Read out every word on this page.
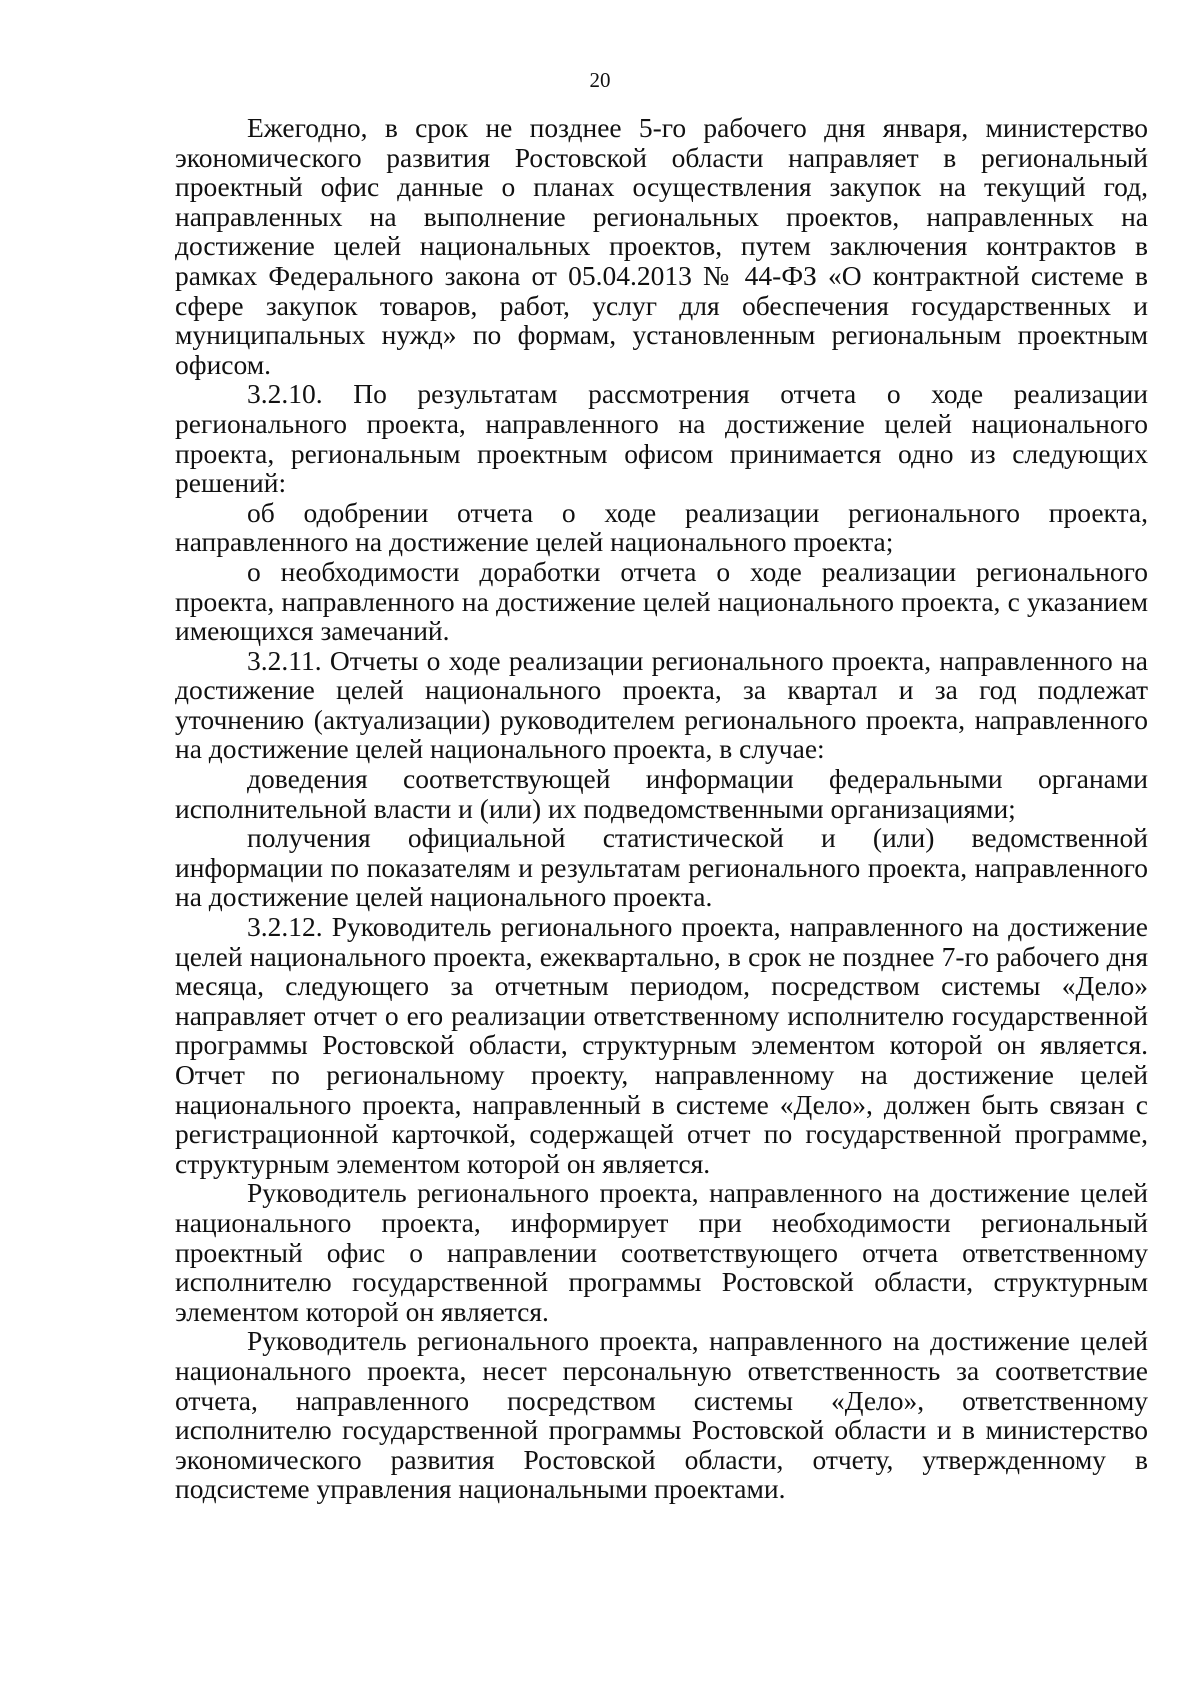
20

Ежегодно, в срок не позднее 5-го рабочего дня января, министерство экономического развития Ростовской области направляет в региональный проектный офис данные о планах осуществления закупок на текущий год, направленных на выполнение региональных проектов, направленных на достижение целей национальных проектов, путем заключения контрактов в рамках Федерального закона от 05.04.2013 № 44-ФЗ «О контрактной системе в сфере закупок товаров, работ, услуг для обеспечения государственных и муниципальных нужд» по формам, установленным региональным проектным офисом.

3.2.10. По результатам рассмотрения отчета о ходе реализации регионального проекта, направленного на достижение целей национального проекта, региональным проектным офисом принимается одно из следующих решений:

об одобрении отчета о ходе реализации регионального проекта, направленного на достижение целей национального проекта;

о необходимости доработки отчета о ходе реализации регионального проекта, направленного на достижение целей национального проекта, с указанием имеющихся замечаний.

3.2.11. Отчеты о ходе реализации регионального проекта, направленного на достижение целей национального проекта, за квартал и за год подлежат уточнению (актуализации) руководителем регионального проекта, направленного на достижение целей национального проекта, в случае:

доведения соответствующей информации федеральными органами исполнительной власти и (или) их подведомственными организациями;

получения официальной статистической и (или) ведомственной информации по показателям и результатам регионального проекта, направленного на достижение целей национального проекта.

3.2.12. Руководитель регионального проекта, направленного на достижение целей национального проекта, ежеквартально, в срок не позднее 7-го рабочего дня месяца, следующего за отчетным периодом, посредством системы «Дело» направляет отчет о его реализации ответственному исполнителю государственной программы Ростовской области, структурным элементом которой он является. Отчет по региональному проекту, направленному на достижение целей национального проекта, направленный в системе «Дело», должен быть связан с регистрационной карточкой, содержащей отчет по государственной программе, структурным элементом которой он является.

Руководитель регионального проекта, направленного на достижение целей национального проекта, информирует при необходимости региональный проектный офис о направлении соответствующего отчета ответственному исполнителю государственной программы Ростовской области, структурным элементом которой он является.

Руководитель регионального проекта, направленного на достижение целей национального проекта, несет персональную ответственность за соответствие отчета, направленного посредством системы «Дело», ответственному исполнителю государственной программы Ростовской области и в министерство экономического развития Ростовской области, отчету, утвержденному в подсистеме управления национальными проектами.
